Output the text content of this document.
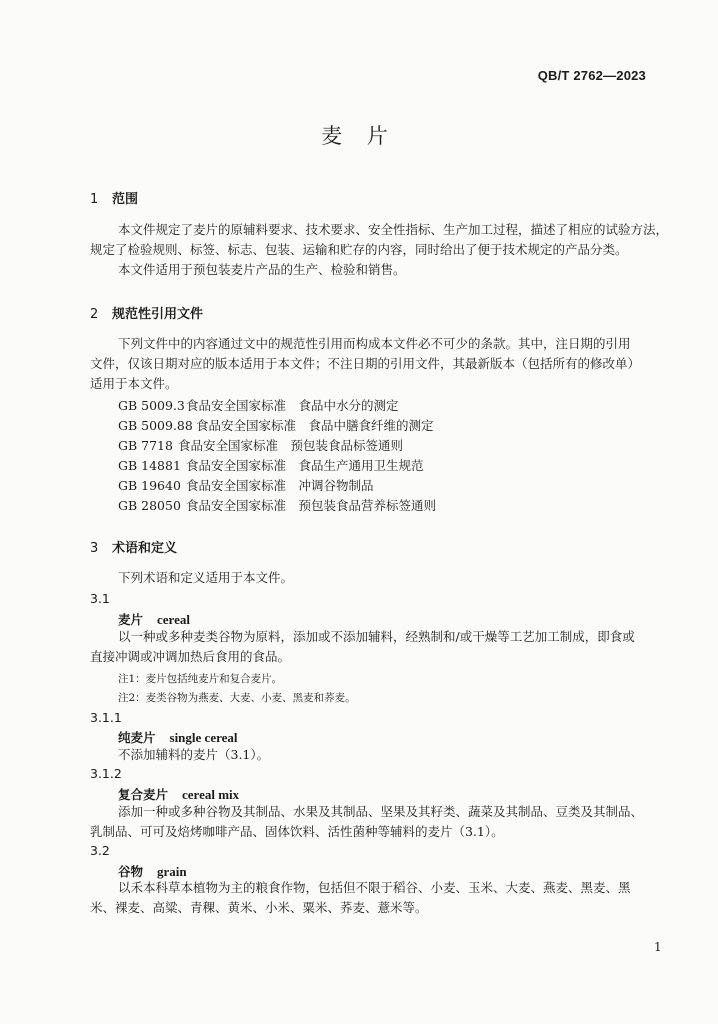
QB/T 2762—2023
麦 片
1 范围
本文件规定了麦片的原辅料要求、技术要求、安全性指标、生产加工过程，描述了相应的试验方法，
规定了检验规则、标签、标志、包装、运输和贮存的内容，同时给出了便于技术规定的产品分类。
本文件适用于预包装麦片产品的生产、检验和销售。
2 规范性引用文件
下列文件中的内容通过文中的规范性引用而构成本文件必不可少的条款。其中，注日期的引用
文件，仅该日期对应的版本适用于本文件；不注日期的引用文件，其最新版本（包括所有的修改单）
适用于本文件。
GB 5009.3食品安全国家标准　食品中水分的测定
GB 5009.88 食品安全国家标准　食品中膳食纤维的测定
GB 7718 食品安全国家标准　预包装食品标签通则
GB 14881 食品安全国家标准　食品生产通用卫生规范
GB 19640 食品安全国家标准　冲调谷物制品
GB 28050 食品安全国家标准　预包装食品营养标签通则
3 术语和定义
下列术语和定义适用于本文件。
3.1
麦片 cereal
以一种或多种麦类谷物为原料，添加或不添加辅料，经熟制和/或干燥等工艺加工制成，即食或
直接冲调或冲调加热后食用的食品。
注1：麦片包括纯麦片和复合麦片。
注2：麦类谷物为燕麦、大麦、小麦、黑麦和荞麦。
3.1.1
纯麦片 single cereal
不添加辅料的麦片（3.1）。
3.1.2
复合麦片 cereal mix
添加一种或多种谷物及其制品、水果及其制品、坚果及其籽类、蔬菜及其制品、豆类及其制品、
乳制品、可可及焙烤咖啡产品、固体饮料、活性菌种等辅料的麦片（3.1）。
3.2
谷物 grain
以禾本科草本植物为主的粮食作物，包括但不限于稻谷、小麦、玉米、大麦、燕麦、黑麦、黑
米、裸麦、高粱、青稞、黄米、小米、粟米、荞麦、薏米等。
1
